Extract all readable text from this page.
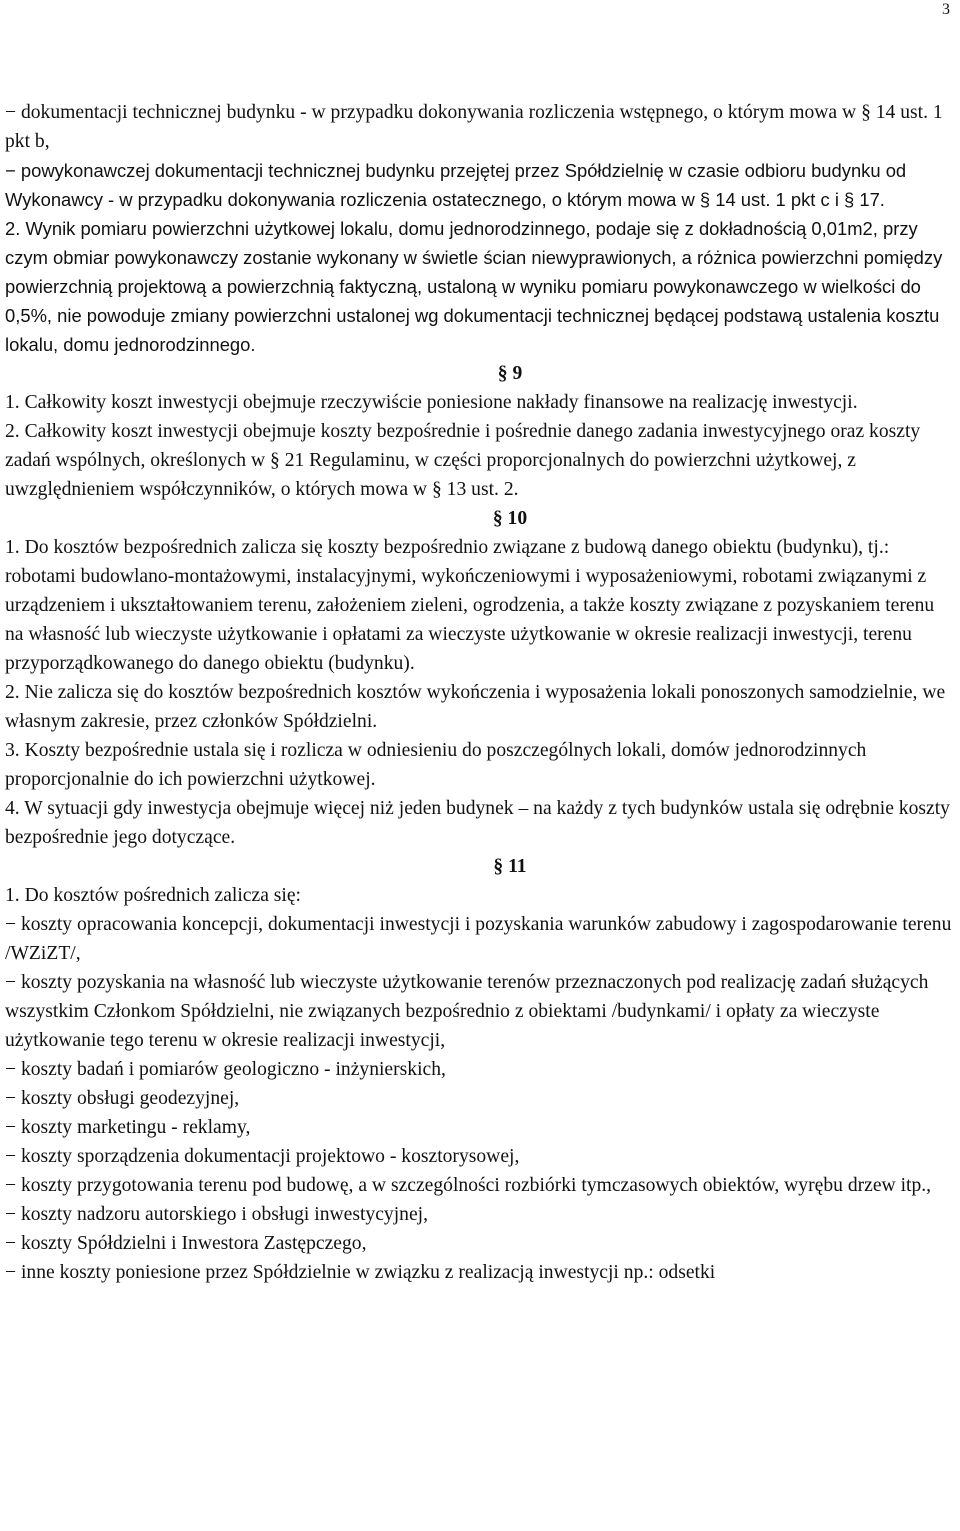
3

− dokumentacji technicznej budynku - w przypadku dokonywania rozliczenia wstępnego, o którym mowa w § 14 ust. 1 pkt b,

− powykonawczej dokumentacji technicznej budynku przejętej przez Spółdzielnię w czasie odbioru budynku od Wykonawcy - w przypadku dokonywania rozliczenia ostatecznego, o którym mowa w § 14 ust. 1 pkt c i § 17.

2. Wynik pomiaru powierzchni użytkowej lokalu, domu jednorodzinnego, podaje się z dokładnością 0,01m2, przy czym obmiar powykonawczy zostanie wykonany w świetle ścian niewyprawionych, a różnica powierzchni pomiędzy powierzchnią projektową a powierzchnią faktyczną, ustaloną w wyniku pomiaru powykonawczego w wielkości do 0,5%, nie powoduje zmiany powierzchni ustalonej wg dokumentacji technicznej będącej podstawą ustalenia kosztu lokalu, domu jednorodzinnego.

§ 9

1. Całkowity koszt inwestycji obejmuje rzeczywiście poniesione nakłady finansowe na realizację inwestycji.

2. Całkowity koszt inwestycji obejmuje koszty bezpośrednie i pośrednie danego zadania inwestycyjnego oraz koszty zadań wspólnych, określonych w § 21 Regulaminu, w części proporcjonalnych do powierzchni użytkowej, z uwzględnieniem współczynników, o których mowa w § 13 ust. 2.

§ 10

1. Do kosztów bezpośrednich zalicza się koszty bezpośrednio związane z budową danego obiektu (budynku), tj.: robotami budowlano-montażowymi, instalacyjnymi, wykończeniowymi i wyposażeniowymi, robotami związanymi z urządzeniem i ukształtowaniem terenu, założeniem zieleni, ogrodzenia, a także koszty związane z pozyskaniem terenu na własność lub wieczyste użytkowanie i opłatami za wieczyste użytkowanie w okresie realizacji inwestycji, terenu przyporządkowanego do danego obiektu (budynku).

2. Nie zalicza się do kosztów bezpośrednich kosztów wykończenia i wyposażenia lokali ponoszonych samodzielnie, we własnym zakresie, przez członków Spółdzielni.

3. Koszty bezpośrednie ustala się i rozlicza w odniesieniu do poszczególnych lokali, domów jednorodzinnych proporcjonalnie do ich powierzchni użytkowej.

4. W sytuacji gdy inwestycja obejmuje więcej niż jeden budynek – na każdy z tych budynków ustala się odrębnie koszty bezpośrednie jego dotyczące.

§ 11

1. Do kosztów pośrednich zalicza się:

− koszty opracowania koncepcji, dokumentacji inwestycji i pozyskania warunków zabudowy i zagospodarowanie terenu /WZiZT/,

− koszty pozyskania na własność lub wieczyste użytkowanie terenów przeznaczonych pod realizację zadań służących wszystkim Członkom Spółdzielni, nie związanych bezpośrednio z obiektami /budynkami/ i opłaty za wieczyste użytkowanie tego terenu w okresie realizacji inwestycji,

− koszty badań i pomiarów geologiczno - inżynierskich,

− koszty obsługi geodezyjnej,

− koszty marketingu - reklamy,

− koszty sporządzenia dokumentacji projektowo - kosztorysowej,

− koszty przygotowania terenu pod budowę, a w szczególności rozbiórki tymczasowych obiektów, wyrębu drzew itp.,

− koszty nadzoru autorskiego i obsługi inwestycyjnej,

− koszty Spółdzielni i Inwestora Zastępczego,

− inne koszty poniesione przez Spółdzielnie w związku z realizacją inwestycji np.: odsetki
